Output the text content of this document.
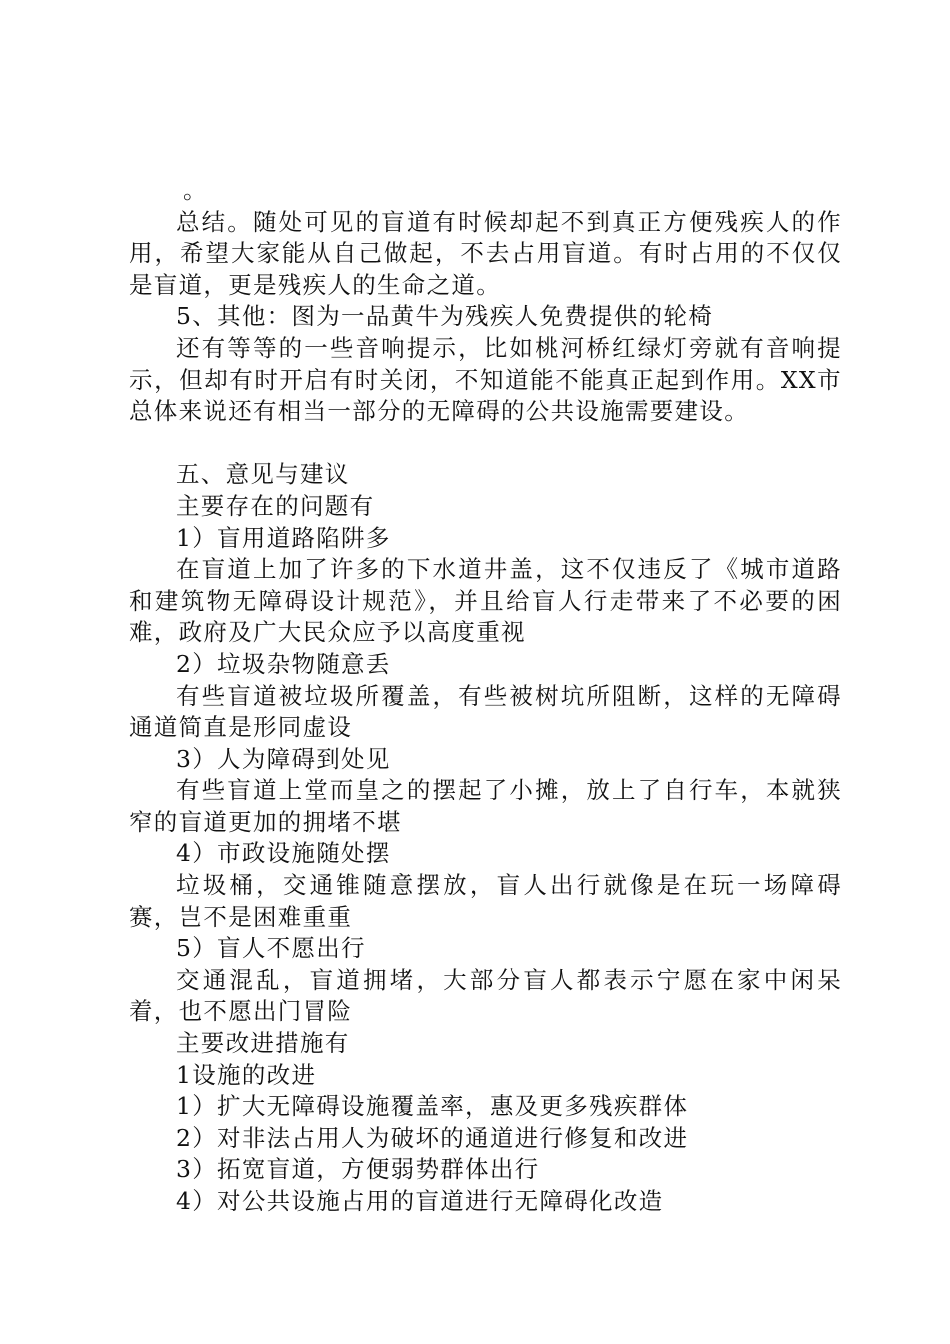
。

总结。随处可见的盲道有时候却起不到真正方便残疾人的作用，希望大家能从自己做起，不去占用盲道。有时占用的不仅仅是盲道，更是残疾人的生命之道。

5、其他：图为一品黄牛为残疾人免费提供的轮椅

还有等等的一些音响提示，比如桃河桥红绿灯旁就有音响提示，但却有时开启有时关闭，不知道能不能真正起到作用。XX市总体来说还有相当一部分的无障碍的公共设施需要建设。

五、意见与建议

主要存在的问题有

1）盲用道路陷阱多

在盲道上加了许多的下水道井盖，这不仅违反了《城市道路和建筑物无障碍设计规范》，并且给盲人行走带来了不必要的困难，政府及广大民众应予以高度重视

2）垃圾杂物随意丢

有些盲道被垃圾所覆盖，有些被树坑所阻断，这样的无障碍通道简直是形同虚设

3）人为障碍到处见

有些盲道上堂而皇之的摆起了小摊，放上了自行车，本就狭窄的盲道更加的拥堵不堪

4）市政设施随处摆

垃圾桶，交通锥随意摆放，盲人出行就像是在玩一场障碍赛，岂不是困难重重

5）盲人不愿出行

交通混乱，盲道拥堵，大部分盲人都表示宁愿在家中闲呆着，也不愿出门冒险

主要改进措施有

1设施的改进

1）扩大无障碍设施覆盖率，惠及更多残疾群体

2）对非法占用人为破坏的通道进行修复和改进

3）拓宽盲道，方便弱势群体出行

4）对公共设施占用的盲道进行无障碍化改造
